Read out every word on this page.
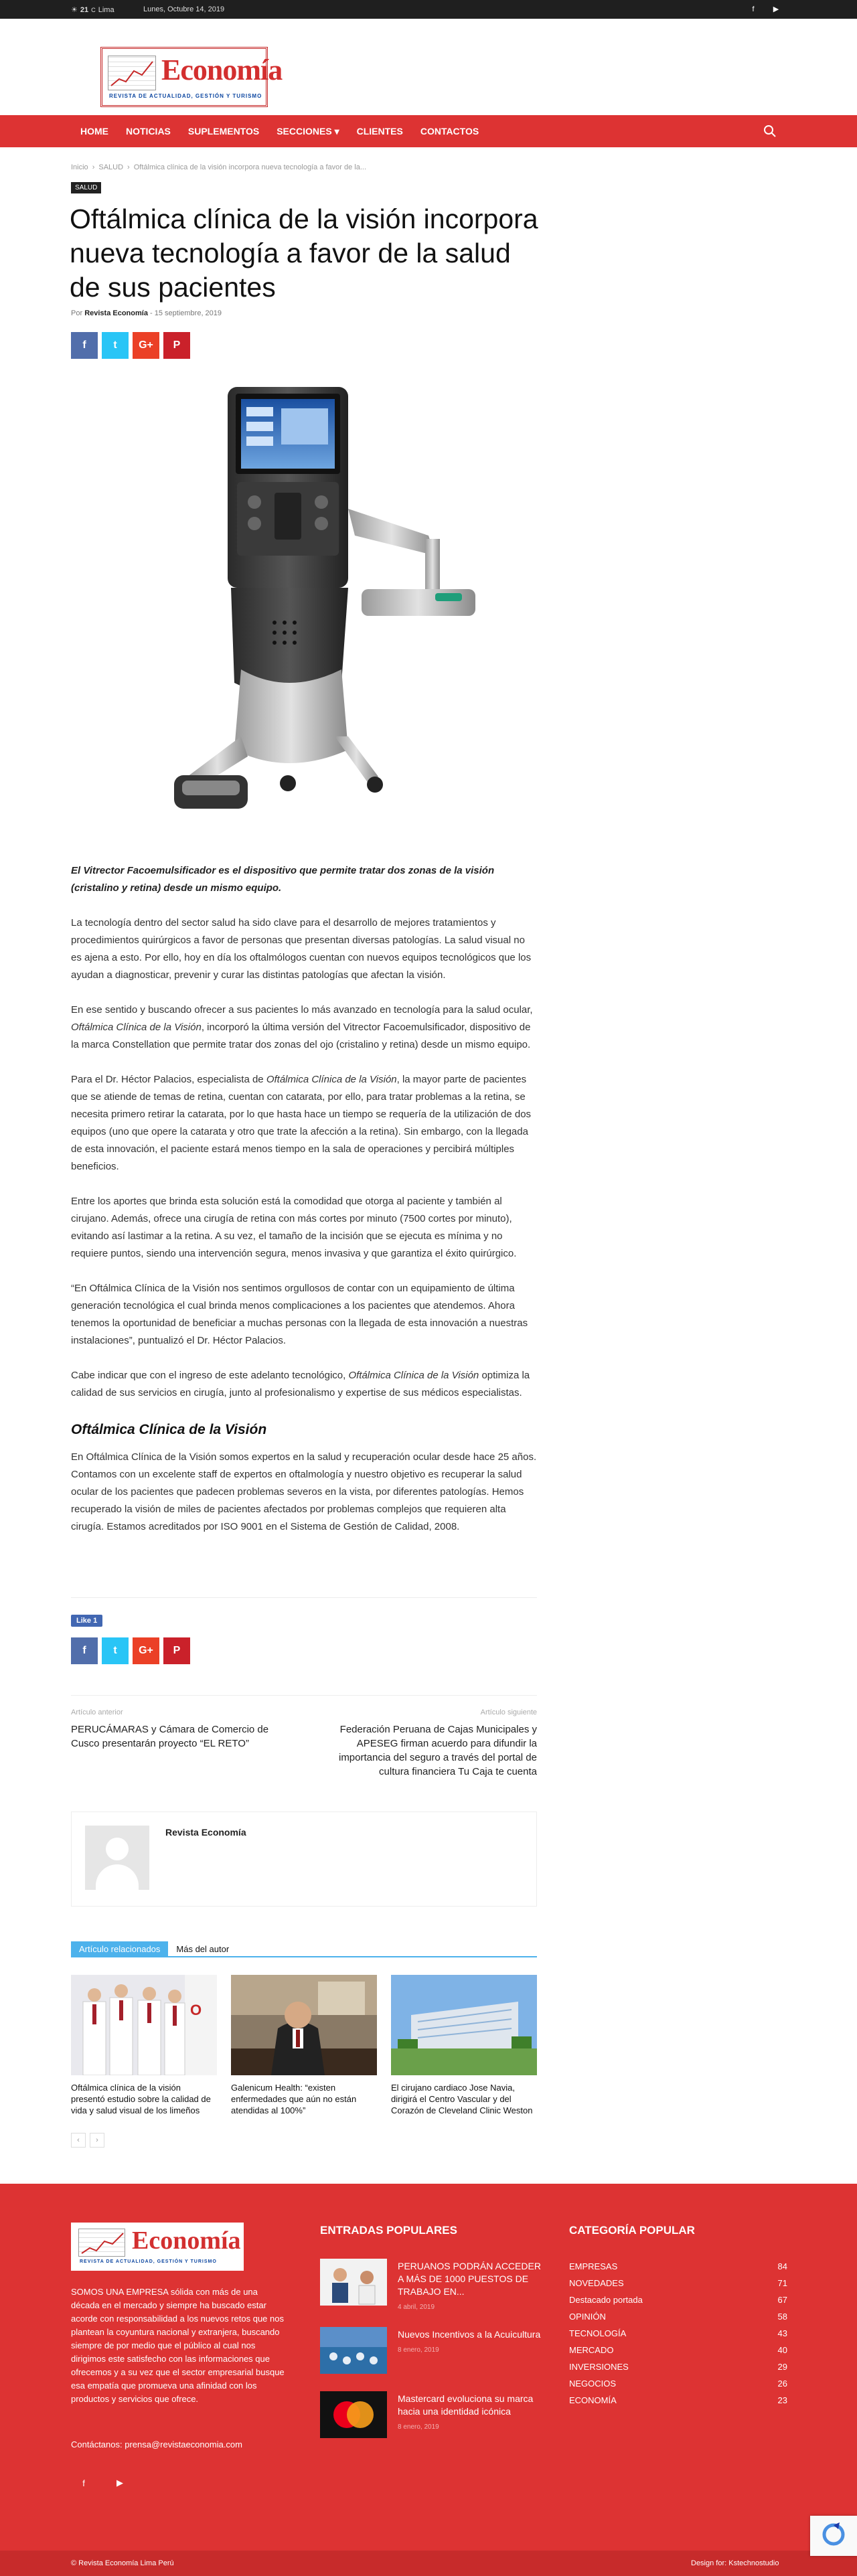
☀ 21 C Lima	Lunes, Octubre 14, 2019	f	▶
Economía
REVISTA DE ACTUALIDAD, GESTIÓN Y TURISMO
HOME	NOTICIAS	SUPLEMENTOS	SECCIONES ▾	CLIENTES	CONTACTOS
Inicio › SALUD › Oftálmica clínica de la visión incorpora nueva tecnología a favor de la...
SALUD
Oftálmica clínica de la visión incorpora nueva tecnología a favor de la salud de sus pacientes
Por Revista Economía - 15 septiembre, 2019
f	t	G+	P

El Vitrector Facoemulsificador es el dispositivo que permite tratar dos zonas de la visión (cristalino y retina) desde un mismo equipo.

La tecnología dentro del sector salud ha sido clave para el desarrollo de mejores tratamientos y procedimientos quirúrgicos a favor de personas que presentan diversas patologías. La salud visual no es ajena a esto. Por ello, hoy en día los oftalmólogos cuentan con nuevos equipos tecnológicos que los ayudan a diagnosticar, prevenir y curar las distintas patologías que afectan la visión.

En ese sentido y buscando ofrecer a sus pacientes lo más avanzado en tecnología para la salud ocular, Oftálmica Clínica de la Visión, incorporó la última versión del Vitrector Facoemulsificador, dispositivo de la marca Constellation que permite tratar dos zonas del ojo (cristalino y retina) desde un mismo equipo.

Para el Dr. Héctor Palacios, especialista de Oftálmica Clínica de la Visión, la mayor parte de pacientes que se atiende de temas de retina, cuentan con catarata, por ello, para tratar problemas a la retina, se necesita primero retirar la catarata, por lo que hasta hace un tiempo se requería de la utilización de dos equipos (uno que opere la catarata y otro que trate la afección a la retina). Sin embargo, con la llegada de esta innovación, el paciente estará menos tiempo en la sala de operaciones y percibirá múltiples beneficios.

Entre los aportes que brinda esta solución está la comodidad que otorga al paciente y también al cirujano. Además, ofrece una cirugía de retina con más cortes por minuto (7500 cortes por minuto), evitando así lastimar a la retina. A su vez, el tamaño de la incisión que se ejecuta es mínima y no requiere puntos, siendo una intervención segura, menos invasiva y que garantiza el éxito quirúrgico.

“En Oftálmica Clínica de la Visión nos sentimos orgullosos de contar con un equipamiento de última generación tecnológica el cual brinda menos complicaciones a los pacientes que atendemos. Ahora tenemos la oportunidad de beneficiar a muchas personas con la llegada de esta innovación a nuestras instalaciones”, puntualizó el Dr. Héctor Palacios.

Cabe indicar que con el ingreso de este adelanto tecnológico, Oftálmica Clínica de la Visión optimiza la calidad de sus servicios en cirugía, junto al profesionalismo y expertise de sus médicos especialistas.

Oftálmica Clínica de la Visión

En Oftálmica Clínica de la Visión somos expertos en la salud y recuperación ocular desde hace 25 años. Contamos con un excelente staff de expertos en oftalmología y nuestro objetivo es recuperar la salud ocular de los pacientes que padecen problemas severos en la vista, por diferentes patologías. Hemos recuperado la visión de miles de pacientes afectados por problemas complejos que requieren alta cirugía. Estamos acreditados por ISO 9001 en el Sistema de Gestión de Calidad, 2008.

Like 1
f	t	G+	P
Artículo anterior
PERUCÁMARAS y Cámara de Comercio de Cusco presentarán proyecto “EL RETO”
Artículo siguiente
Federación Peruana de Cajas Municipales y APESEG firman acuerdo para difundir la importancia del seguro a través del portal de cultura financiera Tu Caja te cuenta
Revista Economía
Artículo relacionados	Más del autor
O
Oftálmica clínica de la visión presentó estudio sobre la calidad de vida y salud visual de los limeños
Galenicum Health: “existen enfermedades que aún no están atendidas al 100%”
El cirujano cardiaco Jose Navia, dirigirá el Centro Vascular y del Corazón de Cleveland Clinic Weston
‹	›
Economía
REVISTA DE ACTUALIDAD, GESTIÓN Y TURISMO
SOMOS UNA EMPRESA sólida con más de una década en el mercado y siempre ha buscado estar acorde con responsabilidad a los nuevos retos que nos plantean la coyuntura nacional y extranjera, buscando siempre de por medio que el público al cual nos dirigimos este satisfecho con las informaciones que ofrecemos y a su vez que el sector empresarial busque esa empatía que promueva una afinidad con los productos y servicios que ofrece.
Contáctanos: prensa@revistaeconomia.com
f	▶
ENTRADAS POPULARES
PERUANOS PODRÁN ACCEDER A MÁS DE 1000 PUESTOS DE TRABAJO EN...
4 abril, 2019
Nuevos Incentivos a la Acuicultura
8 enero, 2019
Mastercard evoluciona su marca hacia una identidad icónica
8 enero, 2019
CATEGORÍA POPULAR
EMPRESAS	84
NOVEDADES	71
Destacado portada	67
OPINIÓN	58
TECNOLOGÍA	43
MERCADO	40
INVERSIONES	29
NEGOCIOS	26
ECONOMÍA	23
© Revista Economía Lima Perú	Design for: Kstechnostudio
